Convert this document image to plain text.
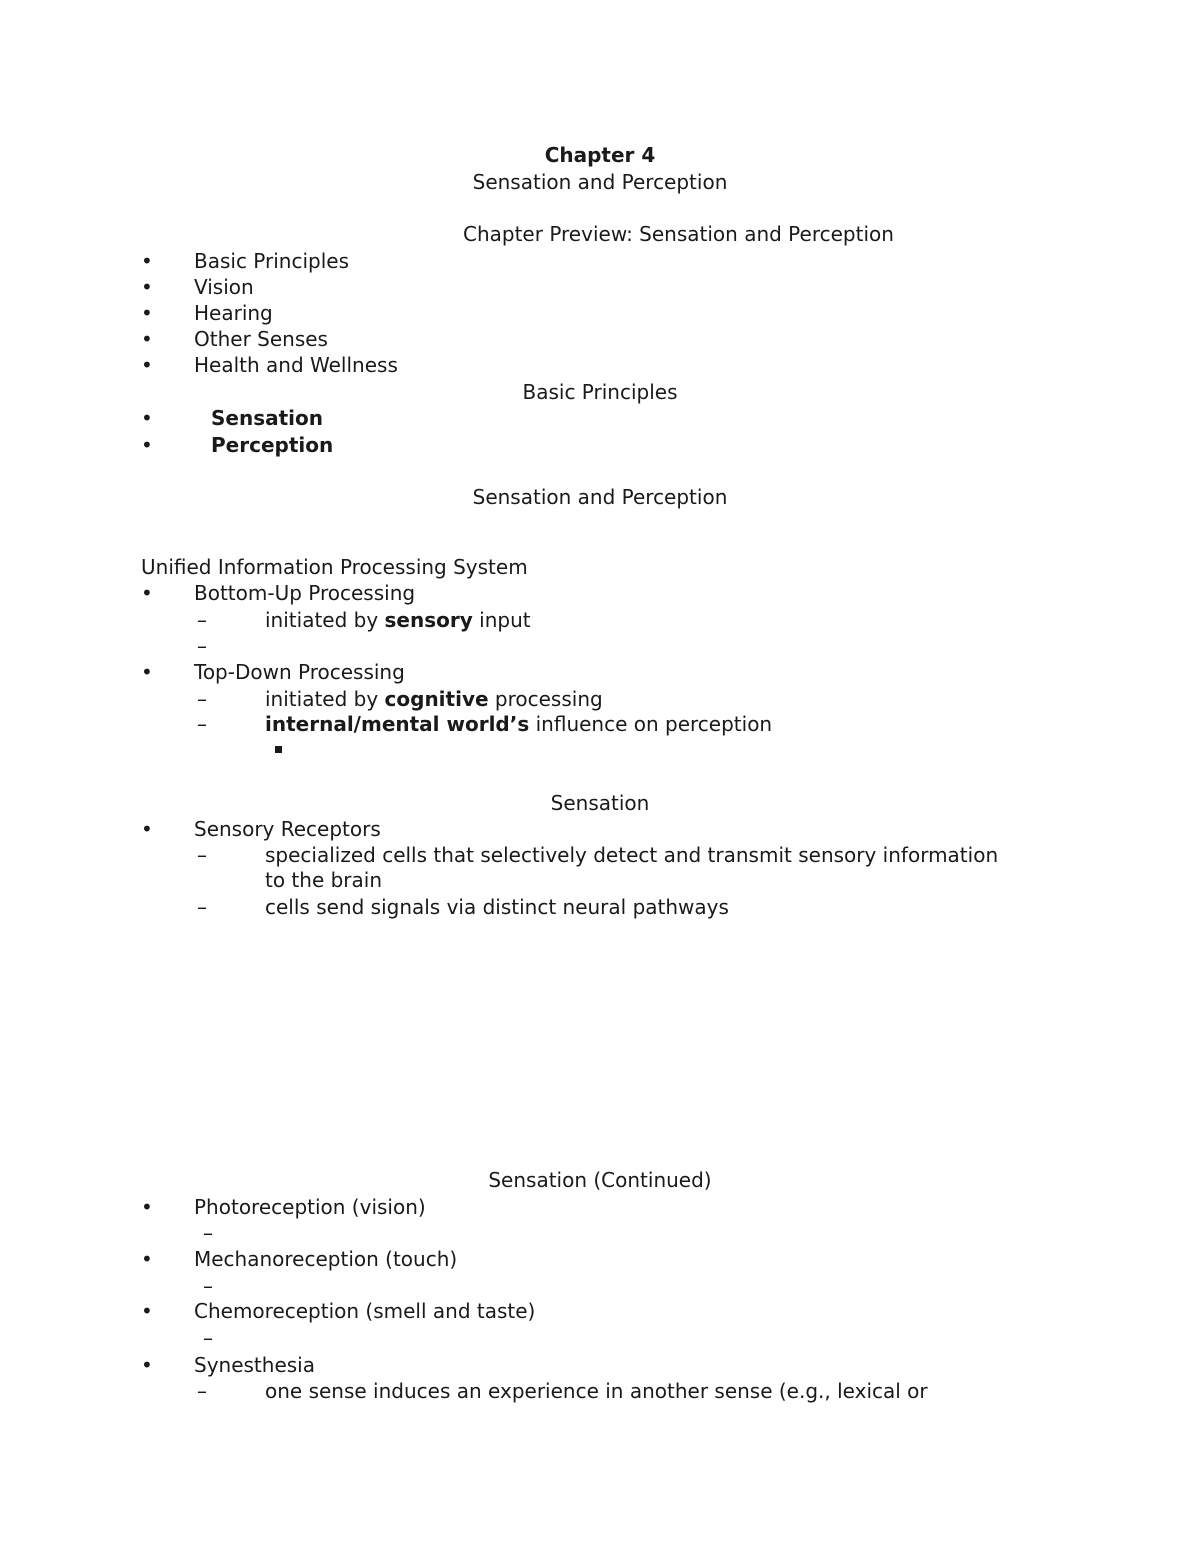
Chapter 4
Sensation and Perception
Chapter Preview: Sensation and Perception
•	Basic Principles
•	Vision
•	Hearing
•	Other Senses
•	Health and Wellness
Basic Principles
•	Sensation
•	Perception
Sensation and Perception
Unified Information Processing System
•	Bottom-Up Processing
–	initiated by sensory input
–
•	Top-Down Processing
–	initiated by cognitive processing
–	internal/mental world’s influence on perception
Sensation
•	Sensory Receptors
–	specialized cells that selectively detect and transmit sensory information
to the brain
–	cells send signals via distinct neural pathways
Sensation (Continued)
•	Photoreception (vision)
–
•	Mechanoreception (touch)
–
•	Chemoreception (smell and taste)
–
•	Synesthesia
–	one sense induces an experience in another sense (e.g., lexical or
